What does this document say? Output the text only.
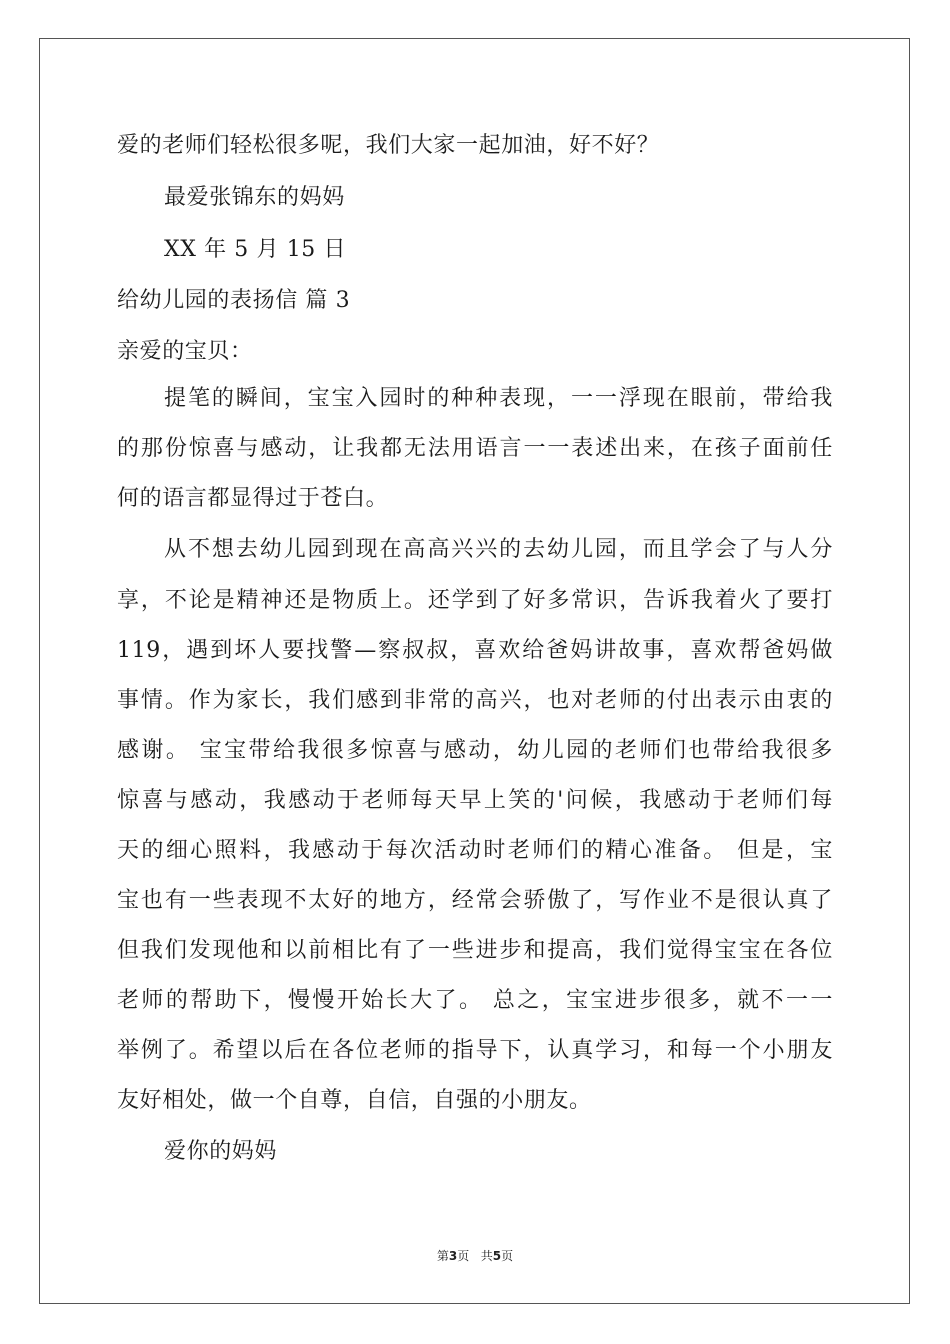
爱的老师们轻松很多呢，我们大家一起加油，好不好？
最爱张锦东的妈妈
XX 年 5 月 15 日
给幼儿园的表扬信 篇 3
亲爱的宝贝：
提笔的瞬间，宝宝入园时的种种表现，一一浮现在眼前，带给我
的那份惊喜与感动，让我都无法用语言一一表述出来，在孩子面前任
何的语言都显得过于苍白。
从不想去幼儿园到现在高高兴兴的去幼儿园，而且学会了与人分
享，不论是精神还是物质上。还学到了好多常识，告诉我着火了要打
119，遇到坏人要找警—察叔叔，喜欢给爸妈讲故事，喜欢帮爸妈做
事情。作为家长，我们感到非常的高兴，也对老师的付出表示由衷的
感谢。 宝宝带给我很多惊喜与感动，幼儿园的老师们也带给我很多
惊喜与感动，我感动于老师每天早上笑的'问候，我感动于老师们每
天的细心照料，我感动于每次活动时老师们的精心准备。 但是，宝
宝也有一些表现不太好的地方，经常会骄傲了，写作业不是很认真了
但我们发现他和以前相比有了一些进步和提高，我们觉得宝宝在各位
老师的帮助下，慢慢开始长大了。 总之，宝宝进步很多，就不一一
举例了。希望以后在各位老师的指导下，认真学习，和每一个小朋友
友好相处，做一个自尊，自信，自强的小朋友。
爱你的妈妈
第3页 共5页
